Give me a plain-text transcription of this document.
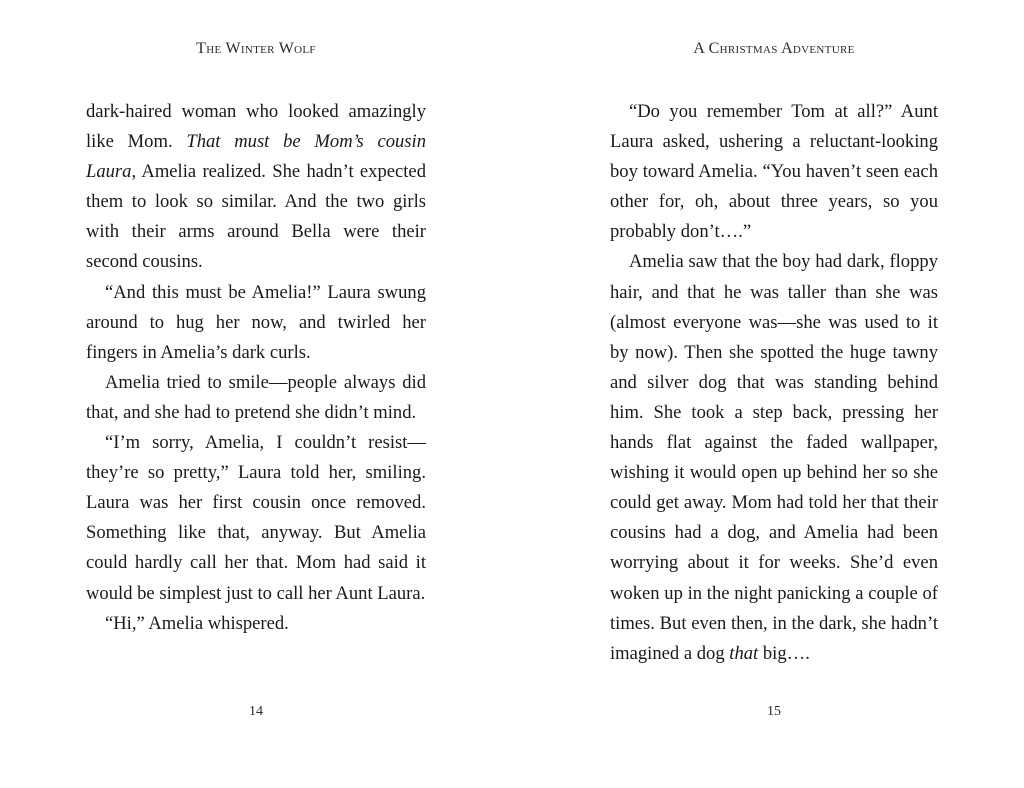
The Winter Wolf

dark-haired woman who looked amazingly like Mom. That must be Mom’s cousin Laura, Amelia realized. She hadn’t expected them to look so similar. And the two girls with their arms around Bella were their second cousins.

“And this must be Amelia!” Laura swung around to hug her now, and twirled her fingers in Amelia’s dark curls.

Amelia tried to smile—people always did that, and she had to pretend she didn’t mind.

“I’m sorry, Amelia, I couldn’t resist—they’re so pretty,” Laura told her, smiling. Laura was her first cousin once removed. Something like that, anyway. But Amelia could hardly call her that. Mom had said it would be simplest just to call her Aunt Laura.

“Hi,” Amelia whispered.

14
A Christmas Adventure

“Do you remember Tom at all?” Aunt Laura asked, ushering a reluctant-looking boy toward Amelia. “You haven’t seen each other for, oh, about three years, so you probably don’t….”

Amelia saw that the boy had dark, floppy hair, and that he was taller than she was (almost everyone was—she was used to it by now). Then she spotted the huge tawny and silver dog that was standing behind him. She took a step back, pressing her hands flat against the faded wallpaper, wishing it would open up behind her so she could get away. Mom had told her that their cousins had a dog, and Amelia had been worrying about it for weeks. She’d even woken up in the night panicking a couple of times. But even then, in the dark, she hadn’t imagined a dog that big….

15
